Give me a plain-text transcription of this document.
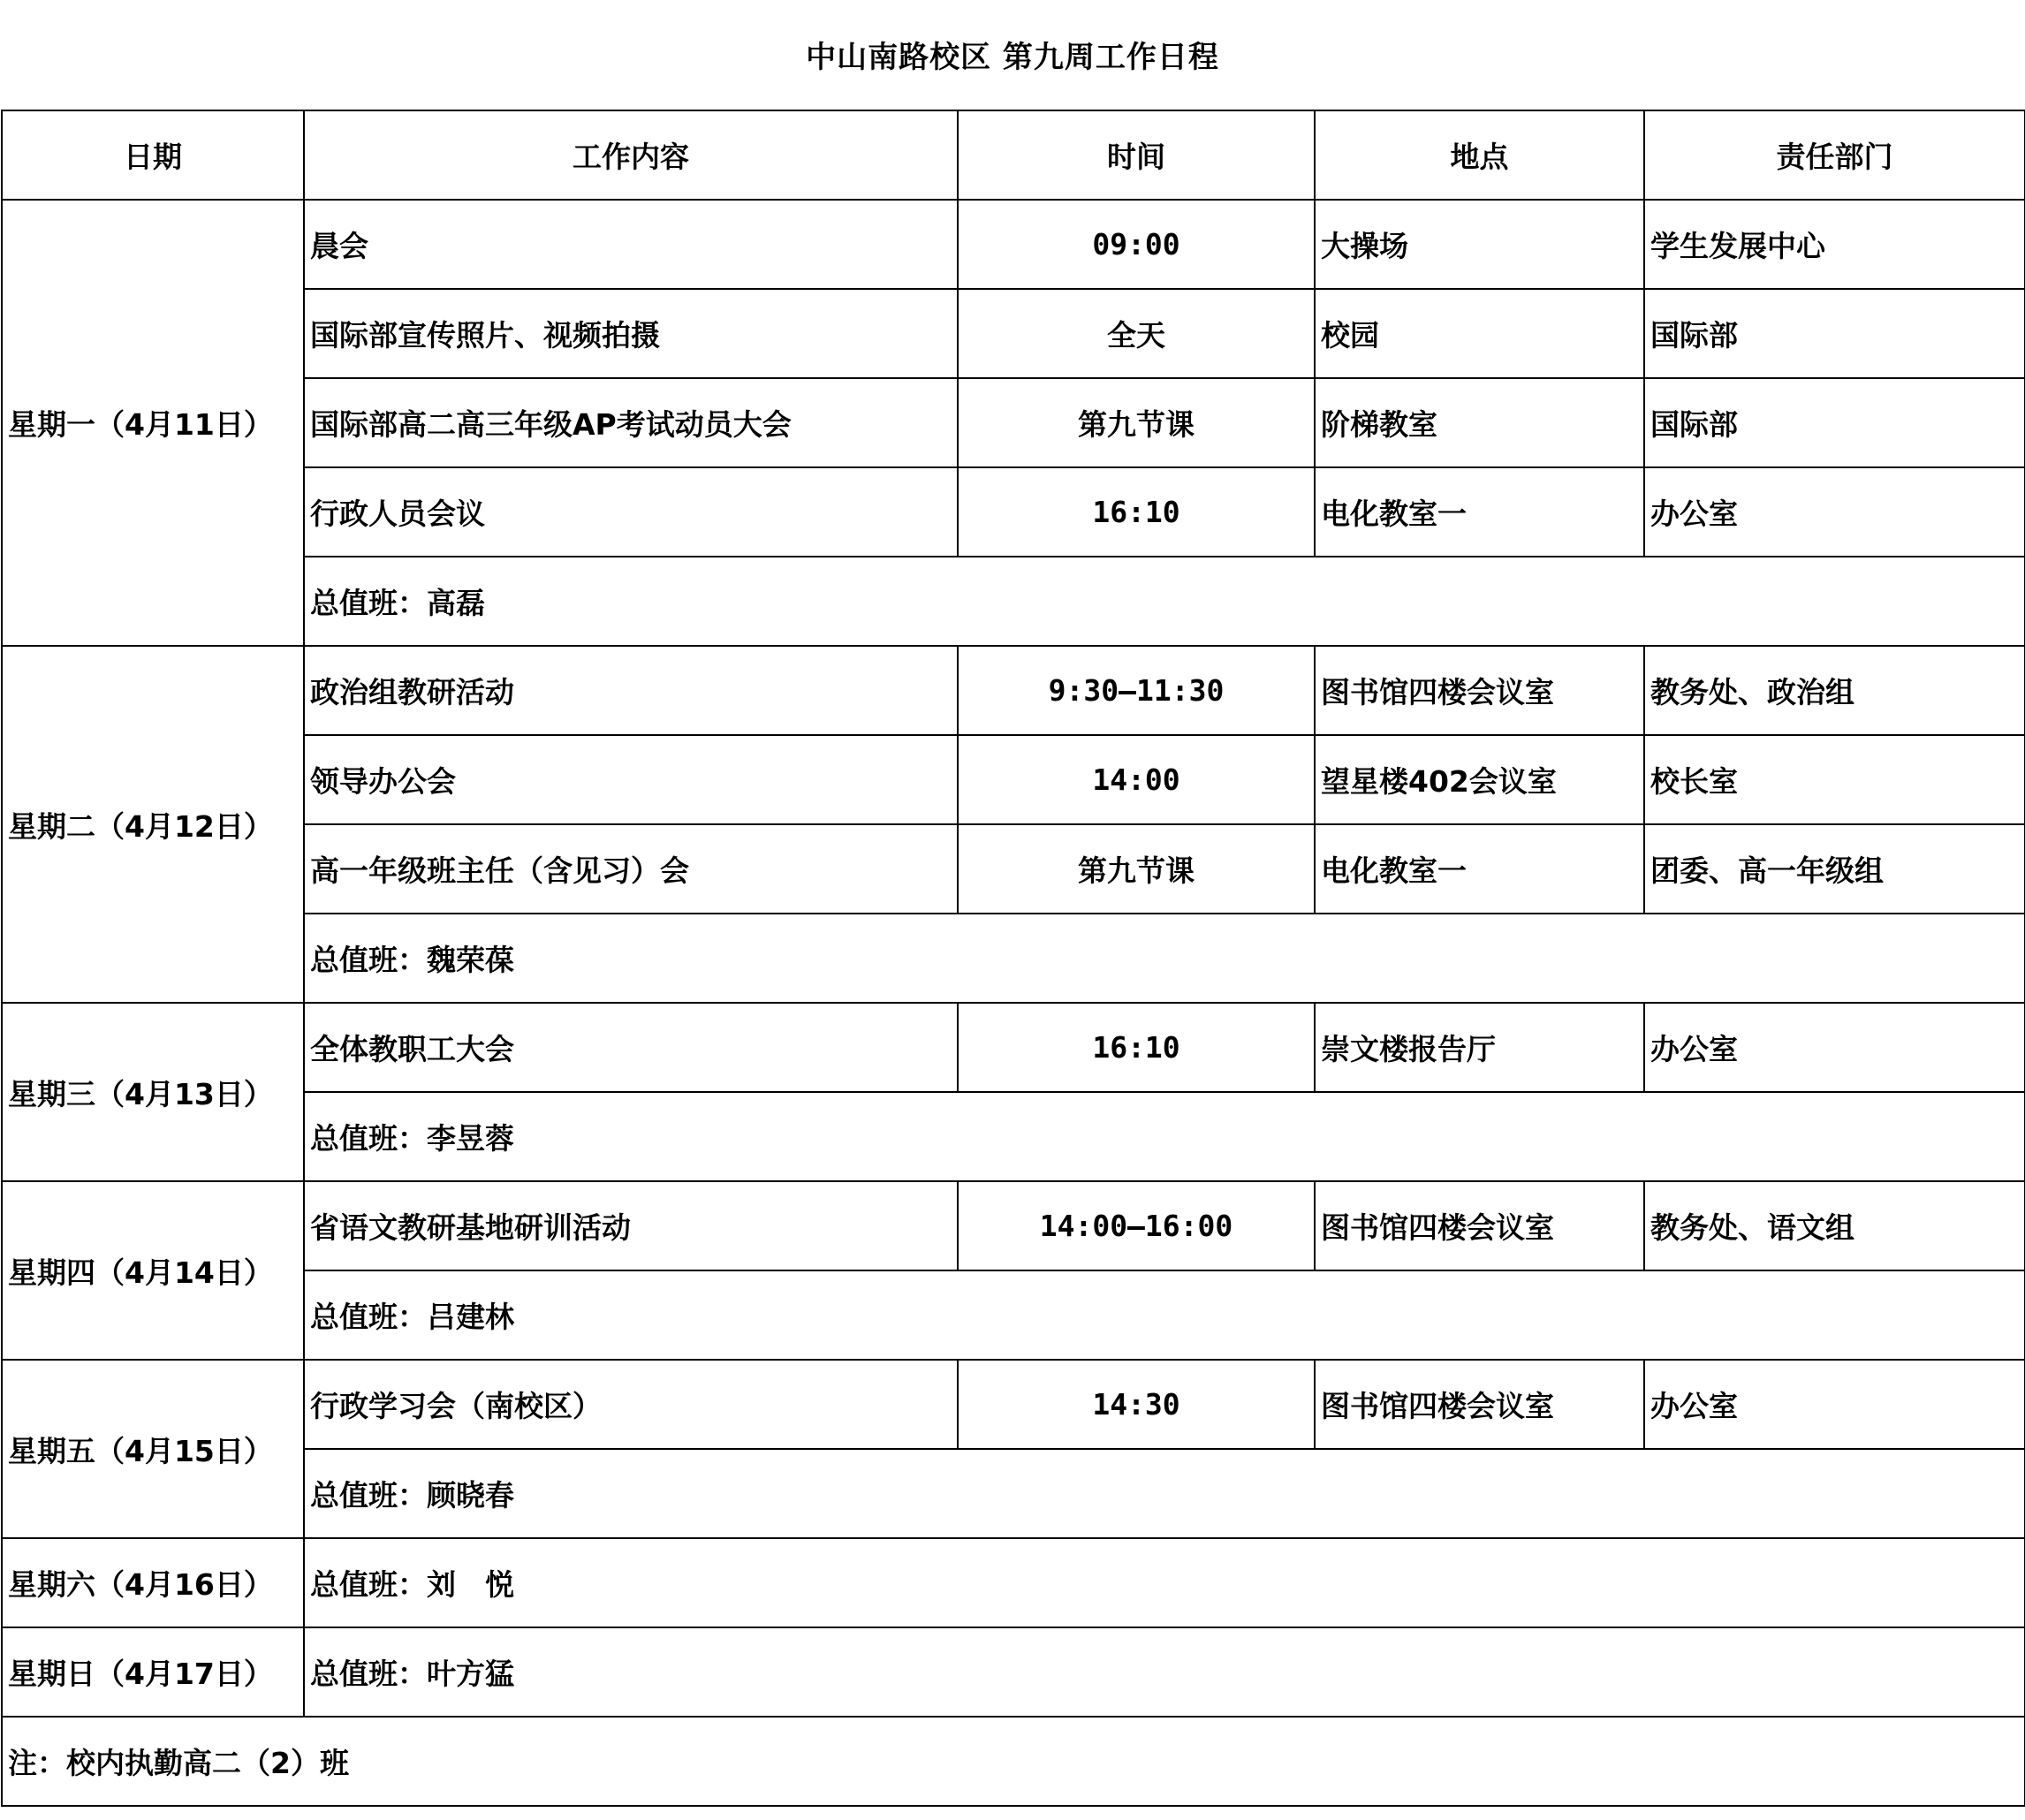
中山南路校区 第九周工作日程
日期	工作内容	时间	地点	责任部门
星期一（4月11日）	晨会	09:00	大操场	学生发展中心
	国际部宣传照片、视频拍摄	全天	校园	国际部
	国际部高二高三年级AP考试动员大会	第九节课	阶梯教室	国际部
	行政人员会议	16:10	电化教室一	办公室
	总值班：高磊			
星期二（4月12日）	政治组教研活动	9:30—11:30	图书馆四楼会议室	教务处、政治组
	领导办公会	14:00	望星楼402会议室	校长室
	高一年级班主任（含见习）会	第九节课	电化教室一	团委、高一年级组
	总值班：魏荣葆			
星期三（4月13日）	全体教职工大会	16:10	崇文楼报告厅	办公室
	总值班：李昱蓉			
星期四（4月14日）	省语文教研基地研训活动	14:00—16:00	图书馆四楼会议室	教务处、语文组
	总值班：吕建林			
星期五（4月15日）	行政学习会（南校区）	14:30	图书馆四楼会议室	办公室
	总值班：顾晓春			
星期六（4月16日）	总值班：刘　悦			
星期日（4月17日）	总值班：叶方猛			
注：校内执勤高二（2）班				
